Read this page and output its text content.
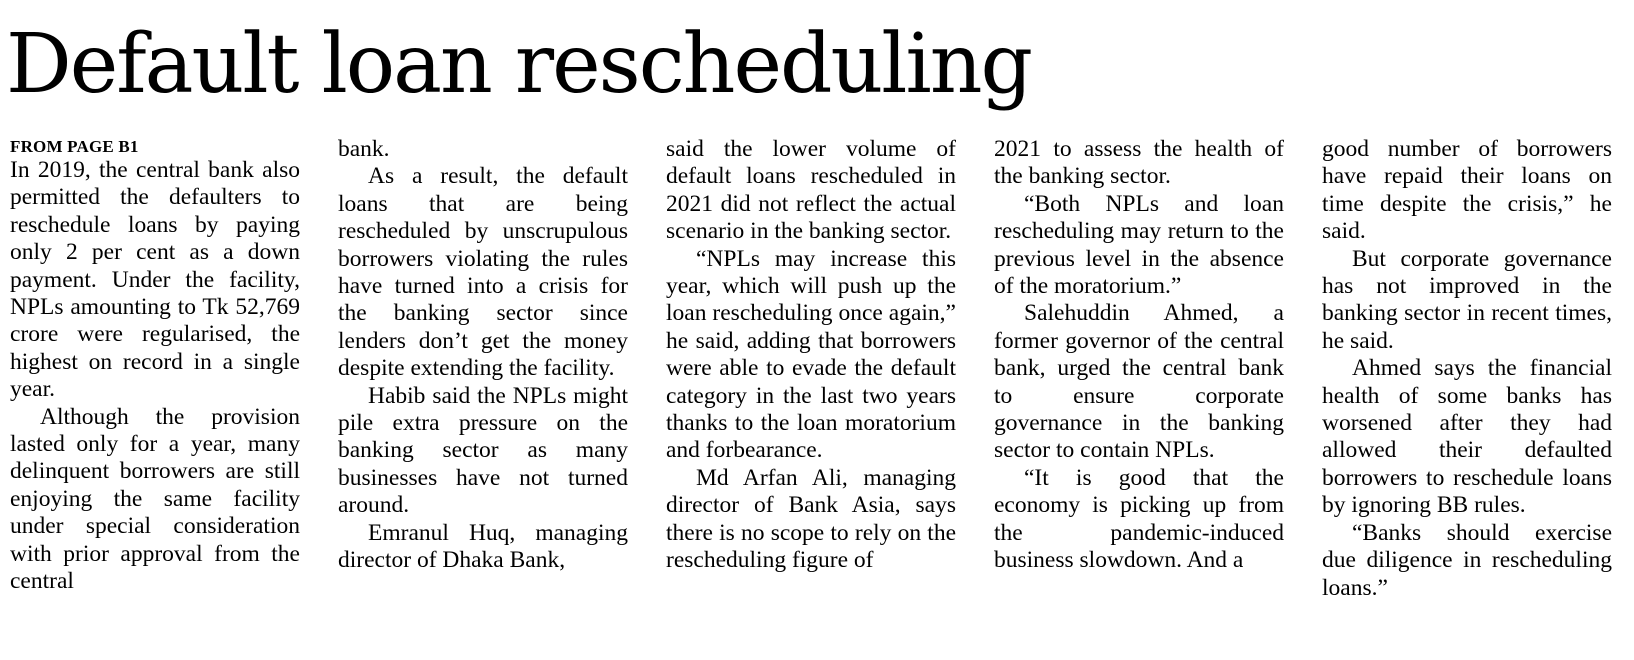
Default loan rescheduling
FROM PAGE B1

In 2019, the central bank also permitted the defaulters to reschedule loans by paying only 2 per cent as a down payment. Under the facility, NPLs amounting to Tk 52,769 crore were regularised, the highest on record in a single year.

Although the provision lasted only for a year, many delinquent borrowers are still enjoying the same facility under special consideration with prior approval from the central

bank.

As a result, the default loans that are being rescheduled by unscrupulous borrowers violating the rules have turned into a crisis for the banking sector since lenders don’t get the money despite extending the facility.

Habib said the NPLs might pile extra pressure on the banking sector as many businesses have not turned around.

Emranul Huq, managing director of Dhaka Bank,

said the lower volume of default loans rescheduled in 2021 did not reflect the actual scenario in the banking sector.

“NPLs may increase this year, which will push up the loan rescheduling once again,” he said, adding that borrowers were able to evade the default category in the last two years thanks to the loan moratorium and forbearance.

Md Arfan Ali, managing director of Bank Asia, says there is no scope to rely on the rescheduling figure of

2021 to assess the health of the banking sector.

“Both NPLs and loan rescheduling may return to the previous level in the absence of the moratorium.”

Salehuddin Ahmed, a former governor of the central bank, urged the central bank to ensure corporate governance in the banking sector to contain NPLs.

“It is good that the economy is picking up from the pandemic-induced business slowdown. And a

good number of borrowers have repaid their loans on time despite the crisis,” he said.

But corporate governance has not improved in the banking sector in recent times, he said.

Ahmed says the financial health of some banks has worsened after they had allowed their defaulted borrowers to reschedule loans by ignoring BB rules.

“Banks should exercise due diligence in rescheduling loans.”
